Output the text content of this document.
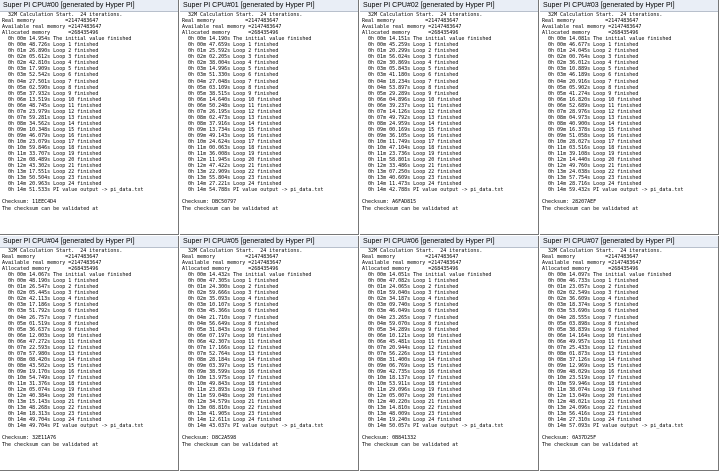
Super PI CPU#00 [generated by Hyper PI]
32M Calculation Start.  24 iterations.
Real memory          =2147483647
Available real memory =2147483647
Allocated memory      =268435496
0h 00m 14.954s The initial value finished
0h 00m 48.726s Loop 1 finished
0h 01m 26.890s Loop 2 finished
0h 02m 05.612s Loop 3 finished
0h 02m 42.810s Loop 4 finished
0h 03m 17.909s Loop 5 finished
0h 03m 52.542s Loop 6 finished
0h 04m 27.501s Loop 7 finished
0h 05m 02.590s Loop 8 finished
0h 05m 37.932s Loop 9 finished
0h 06m 13.519s Loop 10 finished
0h 06m 48.745s Loop 11 finished
0h 07m 23.979s Loop 12 finished
0h 07m 59.281s Loop 13 finished
0h 08m 34.562s Loop 14 finished
0h 09m 10.348s Loop 15 finished
0h 09m 46.079s Loop 16 finished
0h 10m 23.079s Loop 17 finished
0h 10m 59.846s Loop 18 finished
0h 11m 33.707s Loop 19 finished
0h 12m 08.489s Loop 20 finished
0h 12m 43.302s Loop 21 finished
0h 13m 17.551s Loop 22 finished
0h 13m 50.504s Loop 23 finished
0h 14m 20.963s Loop 24 finished
0h 14m 51.533s PI value output -> pi_data.txt
Checksum: 11EEC4D4
The checksum can be validated at
Super PI CPU#01 [generated by Hyper PI]
32M Calculation Start.  24 iterations.
Real memory          =2147483647
Available real memory =2147483647
Allocated memory      =268435496
0h 00m 14.190s The initial value finished
0h 00m 47.659s Loop 1 finished
0h 01m 25.592s Loop 2 finished
0h 02m 02.205s Loop 3 finished
0h 02m 38.004s Loop 4 finished
0h 03m 14.996s Loop 5 finished
0h 03m 51.330s Loop 6 finished
0h 04m 27.048s Loop 7 finished
0h 05m 03.109s Loop 8 finished
0h 05m 38.515s Loop 9 finished
0h 06m 14.640s Loop 10 finished
0h 06m 50.248s Loop 11 finished
0h 07m 26.195s Loop 12 finished
0h 08m 02.473s Loop 13 finished
0h 08m 37.916s Loop 14 finished
0h 09m 13.734s Loop 15 finished
0h 09m 49.143s Loop 16 finished
0h 10m 24.624s Loop 17 finished
0h 11m 00.063s Loop 18 finished
0h 11m 36.008s Loop 19 finished
0h 12m 11.945s Loop 20 finished
0h 12m 47.422s Loop 21 finished
0h 13m 22.909s Loop 22 finished
0h 13m 55.804s Loop 23 finished
0h 14m 27.221s Loop 24 finished
0h 14m 54.788s PI value output -> pi_data.txt
Checksum: DBC50797
The checksum can be validated at
Super PI CPU#02 [generated by Hyper PI]
32M Calculation Start.  24 iterations.
Real memory          =2147483647
Available real memory =2147483647
Allocated memory      =268435496
0h 00m 14.151s The initial value finished
0h 00m 45.259s Loop 1 finished
0h 01m 20.299s Loop 2 finished
0h 01m 56.024s Loop 3 finished
0h 02m 30.869s Loop 4 finished
0h 03m 05.843s Loop 5 finished
0h 03m 41.180s Loop 6 finished
0h 04m 18.234s Loop 7 finished
0h 04m 53.897s Loop 8 finished
0h 05m 29.289s Loop 9 finished
0h 06m 04.896s Loop 10 finished
0h 06m 39.237s Loop 11 finished
0h 07m 14.126s Loop 12 finished
0h 07m 49.792s Loop 13 finished
0h 08m 24.959s Loop 14 finished
0h 09m 00.169s Loop 15 finished
0h 09m 36.105s Loop 16 finished
0h 10m 11.749s Loop 17 finished
0h 10m 47.104s Loop 18 finished
0h 11m 23.736s Loop 19 finished
0h 11m 58.801s Loop 20 finished
0h 12m 33.486s Loop 21 finished
0h 13m 07.250s Loop 22 finished
0h 13m 40.609s Loop 23 finished
0h 14m 11.473s Loop 24 finished
0h 14m 42.788s PI value output -> pi_data.txt
Checksum: A6FAD815
The checksum can be validated at
Super PI CPU#03 [generated by Hyper PI]
32M Calculation Start.  24 iterations.
Real memory          =2147483647
Available real memory =2147483647
Allocated memory      =268435496
0h 00m 14.081s The initial value finished
0h 00m 46.677s Loop 1 finished
0h 01m 24.045s Loop 2 finished
0h 02m 00.764s Loop 3 finished
0h 02m 36.012s Loop 4 finished
0h 03m 10.889s Loop 5 finished
0h 03m 46.189s Loop 6 finished
0h 04m 20.916s Loop 7 finished
0h 05m 05.902s Loop 8 finished
0h 05m 41.274s Loop 9 finished
0h 06m 16.820s Loop 10 finished
0h 06m 52.689s Loop 11 finished
0h 07m 28.976s Loop 12 finished
0h 08m 04.973s Loop 13 finished
0h 08m 40.900s Loop 14 finished
0h 09m 16.378s Loop 15 finished
0h 09m 51.058s Loop 16 finished
0h 10m 28.027s Loop 17 finished
0h 11m 03.516s Loop 18 finished
0h 11m 39.108s Loop 19 finished
0h 12m 14.440s Loop 20 finished
0h 12m 49.760s Loop 21 finished
0h 13m 24.038s Loop 22 finished
0h 13m 57.754s Loop 23 finished
0h 14m 28.716s Loop 24 finished
0h 14m 59.432s PI value output -> pi_data.txt
Checksum: 28207AEF
The checksum can be validated at
Super PI CPU#04 [generated by Hyper PI]
32M Calculation Start.  24 iterations.
Real memory          =2147483647
Available real memory =2147483647
Allocated memory      =268435496
0h 00m 14.067s The initial value finished
0h 00m 48.190s Loop 1 finished
0h 01m 26.547s Loop 2 finished
0h 02m 05.445s Loop 3 finished
0h 02m 42.113s Loop 4 finished
0h 03m 17.186s Loop 5 finished
0h 03m 51.792s Loop 6 finished
0h 04m 26.757s Loop 7 finished
0h 05m 01.519s Loop 8 finished
0h 05m 36.637s Loop 9 finished
0h 06m 12.003s Loop 10 finished
0h 06m 47.272s Loop 11 finished
0h 07m 22.593s Loop 12 finished
0h 07m 57.980s Loop 13 finished
0h 08m 08.420s Loop 14 finished
0h 08m 43.502s Loop 15 finished
0h 09m 19.170s Loop 16 finished
0h 10m 54.749s Loop 17 finished
0h 11m 31.376s Loop 18 finished
0h 12m 05.074s Loop 19 finished
0h 12m 40.384s Loop 20 finished
0h 13m 15.143s Loop 21 finished
0h 13m 48.268s Loop 22 finished
0h 14m 18.313s Loop 23 finished
0h 14m 49.704s Loop 24 finished
0h 14m 49.704s PI value output -> pi_data.txt
Checksum: 32E11A76
The checksum can be validated at
Super PI CPU#05 [generated by Hyper PI]
32M Calculation Start.  24 iterations.
Real memory          =2147483647
Available real memory =2147483647
Allocated memory      =268435496
0h 00m 14.432s The initial value finished
0h 00m 47.305s Loop 1 finished
0h 01m 24.300s Loop 2 finished
0h 02m 59.666s Loop 3 finished
0h 02m 35.093s Loop 4 finished
0h 03m 10.107s Loop 5 finished
0h 03m 45.366s Loop 6 finished
0h 04m 21.710s Loop 7 finished
0h 04m 56.649s Loop 8 finished
0h 05m 31.843s Loop 9 finished
0h 06m 07.197s Loop 10 finished
0h 06m 42.307s Loop 11 finished
0h 07m 17.166s Loop 12 finished
0h 07m 52.764s Loop 13 finished
0h 08m 28.184s Loop 14 finished
0h 09m 03.397s Loop 15 finished
0h 09m 38.599s Loop 16 finished
0h 10m 13.975s Loop 17 finished
0h 10m 49.843s Loop 18 finished
0h 11m 23.893s Loop 19 finished
0h 11m 59.048s Loop 20 finished
0h 12m 34.579s Loop 21 finished
0h 13m 08.810s Loop 22 finished
0h 13m 41.905s Loop 23 finished
0h 14m 12.611s Loop 24 finished
0h 14m 43.037s PI value output -> pi_data.txt
Checksum: D8C2A598
The checksum can be validated at
Super PI CPU#06 [generated by Hyper PI]
32M Calculation Start.  24 iterations.
Real memory          =2147483647
Available real memory =2147483647
Allocated memory      =268435496
0h 00m 14.051s The initial value finished
0h 00m 47.082s Loop 1 finished
0h 01m 24.065s Loop 2 finished
0h 01m 59.040s Loop 3 finished
0h 02m 34.187s Loop 4 finished
0h 03m 09.740s Loop 5 finished
0h 03m 46.049s Loop 6 finished
0h 04m 23.265s Loop 7 finished
0h 04m 59.070s Loop 8 finished
0h 05m 34.289s Loop 9 finished
0h 06m 10.121s Loop 10 finished
0h 06m 45.481s Loop 11 finished
0h 07m 20.944s Loop 12 finished
0h 07m 56.226s Loop 13 finished
0h 08m 31.400s Loop 14 finished
0h 09m 06.769s Loop 15 finished
0h 09m 42.735s Loop 16 finished
0h 10m 18.137s Loop 17 finished
0h 10m 53.911s Loop 18 finished
0h 11m 29.096s Loop 19 finished
0h 12m 05.007s Loop 20 finished
0h 12m 40.220s Loop 21 finished
0h 13m 14.810s Loop 22 finished
0h 13m 48.009s Loop 23 finished
0h 14m 19.240s Loop 24 finished
0h 14m 50.057s PI value output -> pi_data.txt
Checksum: 0B841332
The checksum can be validated at
Super PI CPU#07 [generated by Hyper PI]
32M Calculation Start.  24 iterations.
Real memory          =2147483647
Available real memory =2147483647
Allocated memory      =268435496
0h 00m 14.097s The initial value finished
0h 00m 46.733s Loop 1 finished
0h 01m 23.057s Loop 2 finished
0h 02m 02.549s Loop 3 finished
0h 02m 36.609s Loop 4 finished
0h 03m 18.374s Loop 5 finished
0h 03m 53.690s Loop 6 finished
0h 04m 28.555s Loop 7 finished
0h 05m 03.898s Loop 8 finished
0h 05m 38.839s Loop 9 finished
0h 06m 14.164s Loop 10 finished
0h 06m 49.957s Loop 11 finished
0h 07m 25.433s Loop 12 finished
0h 08m 01.873s Loop 13 finished
0h 08m 37.126s Loop 14 finished
0h 09m 12.969s Loop 15 finished
0h 09m 48.029s Loop 16 finished
0h 10m 23.519s Loop 17 finished
0h 10m 59.946s Loop 18 finished
0h 11m 38.074s Loop 19 finished
0h 12m 13.049s Loop 20 finished
0h 12m 48.021s Loop 21 finished
0h 13m 24.096s Loop 22 finished
0h 13m 56.416s Loop 23 finished
0h 14m 27.310s Loop 24 finished
0h 14m 57.093s PI value output -> pi_data.txt
Checksum: 0A37D25F
The checksum can be validated at
